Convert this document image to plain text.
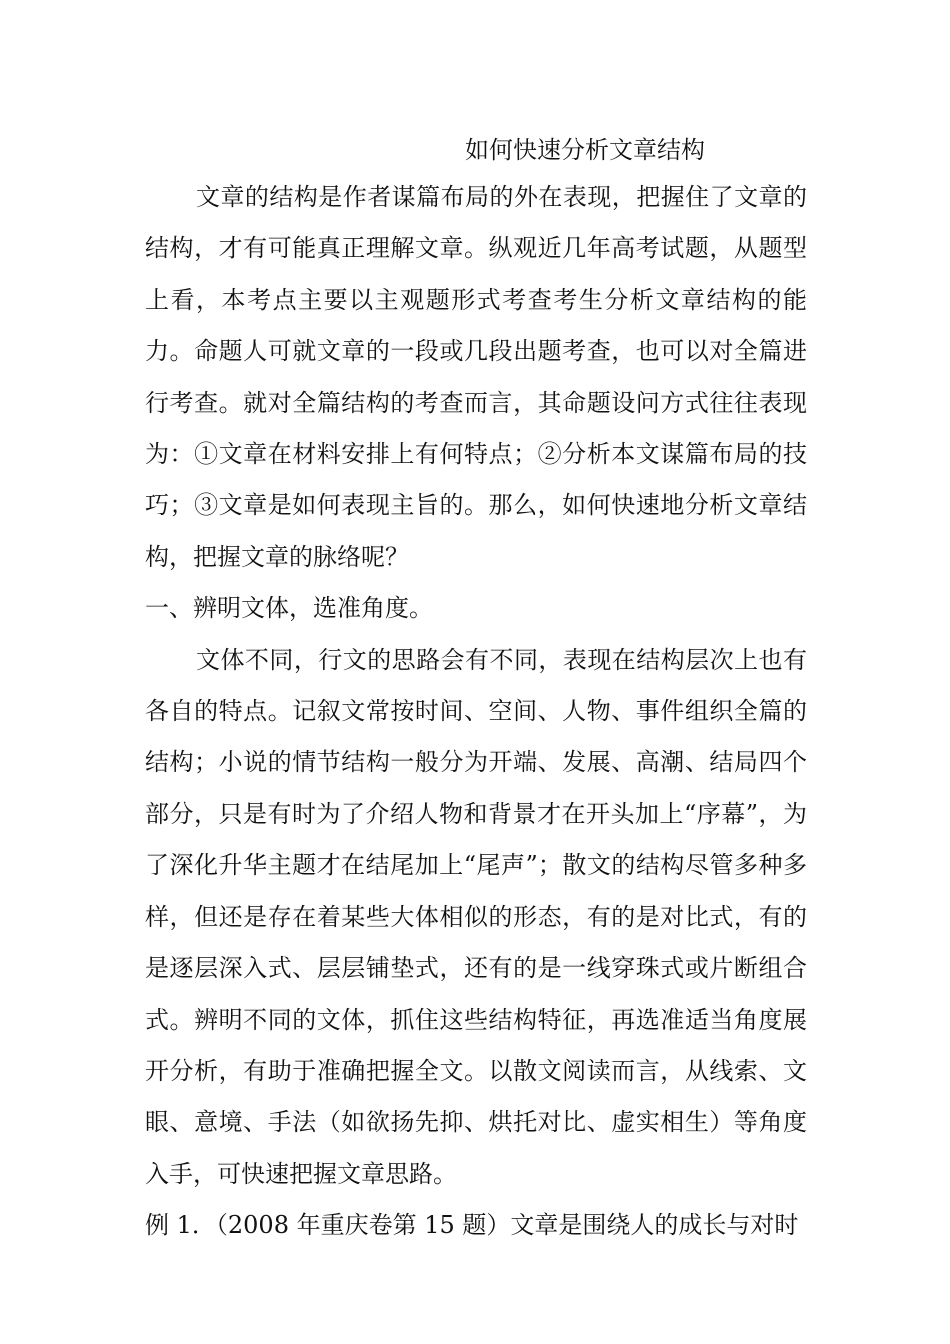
如何快速分析文章结构

文章的结构是作者谋篇布局的外在表现，把握住了文章的结构，才有可能真正理解文章。纵观近几年高考试题，从题型上看，本考点主要以主观题形式考查考生分析文章结构的能力。命题人可就文章的一段或几段出题考查，也可以对全篇进行考查。就对全篇结构的考查而言，其命题设问方式往往表现为：①文章在材料安排上有何特点；②分析本文谋篇布局的技巧；③文章是如何表现主旨的。那么，如何快速地分析文章结构，把握文章的脉络呢？

一、辨明文体，选准角度。

文体不同，行文的思路会有不同，表现在结构层次上也有各自的特点。记叙文常按时间、空间、人物、事件组织全篇的结构；小说的情节结构一般分为开端、发展、高潮、结局四个部分，只是有时为了介绍人物和背景才在开头加上“序幕”，为了深化升华主题才在结尾加上“尾声”；散文的结构尽管多种多样，但还是存在着某些大体相似的形态，有的是对比式，有的是逐层深入式、层层铺垫式，还有的是一线穿珠式或片断组合式。辨明不同的文体，抓住这些结构特征，再选准适当角度展开分析，有助于准确把握全文。以散文阅读而言，从线索、文眼、意境、手法（如欲扬先抑、烘托对比、虚实相生）等角度入手，可快速把握文章思路。

例 1．（2008 年重庆卷第 15 题）文章是围绕人的成长与对时
